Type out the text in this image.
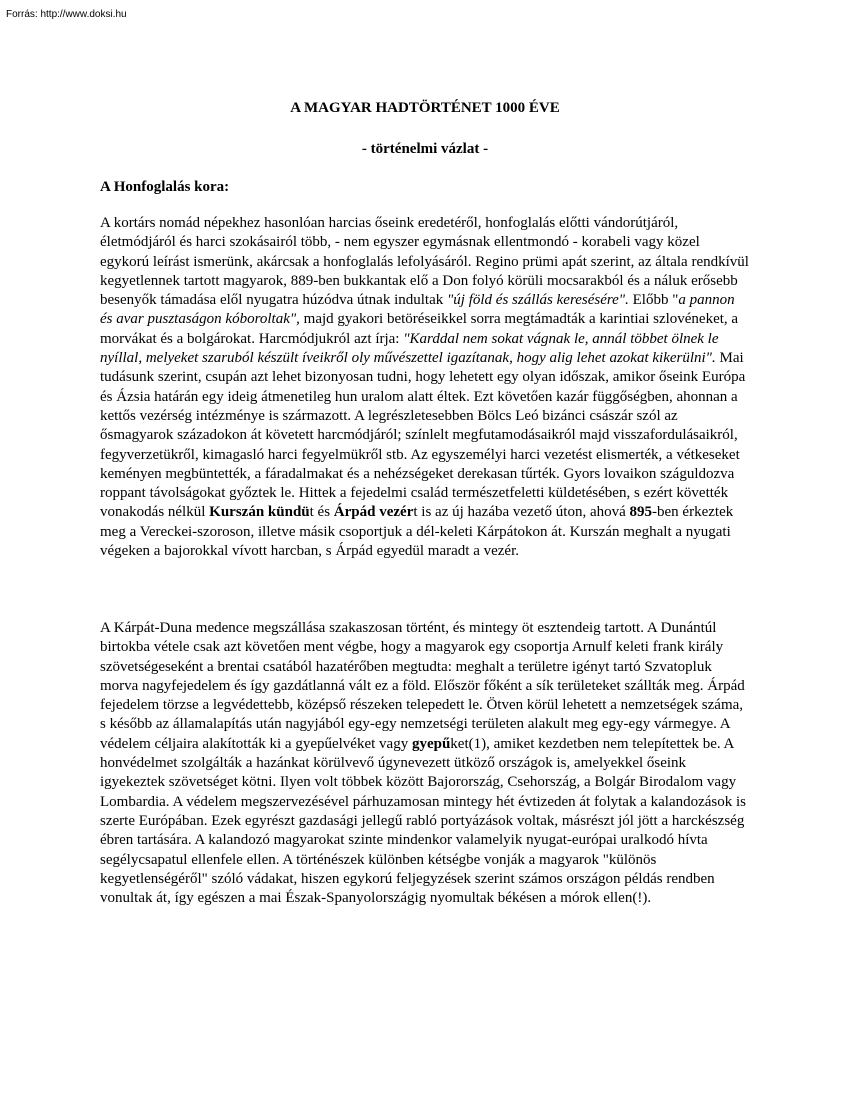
Forrás: http://www.doksi.hu
A MAGYAR HADTÖRTÉNET 1000 ÉVE
- történelmi vázlat -
A Honfoglalás kora:

A kortárs nomád népekhez hasonlóan harcias őseink eredetéről, honfoglalás előtti vándorútjáról, életmódjáról és harci szokásairól több, - nem egyszer egymásnak ellentmondó - korabeli vagy közel egykorú leírást ismerünk, akárcsak a honfoglalás lefolyásáról. Regino prümi apát szerint, az általa rendkívül kegyetlennek tartott magyarok, 889-ben bukkantak elő a Don folyó körüli mocsarakból és a náluk erősebb besenyők támadása elől nyugatra húzódva útnak indultak "új föld és szállás keresésére". Előbb "a pannon és avar pusztaságon kóboroltak", majd gyakori betöréseikkel sorra megtámadták a karintiai szlovéneket, a morvákat és a bolgárokat. Harcmódjukról azt írja: "Karddal nem sokat vágnak le, annál többet ölnek le nyíllal, melyeket szaruból készült íveikről oly művészettel igazítanak, hogy alig lehet azokat kikerülni". Mai tudásunk szerint, csupán azt lehet bizonyosan tudni, hogy lehetett egy olyan időszak, amikor őseink Európa és Ázsia határán egy ideig átmenetileg hun uralom alatt éltek. Ezt követően kazár függőségben, ahonnan a kettős vezérség intézménye is származott. A legrészletesebben Bölcs Leó bizánci császár szól az ősmagyarok századokon át követett harcmódjáról; színlelt megfutamodásaikról majd visszafordulásaikról, fegyverzetükről, kimagasló harci fegyelmükről stb. Az egyszemélyi harci vezetést elismerték, a vétkeseket keményen megbüntették, a fáradalmakat és a nehézségeket derekasan tűrték. Gyors lovaikon száguldozva roppant távolságokat győztek le. Hittek a fejedelmi család természetfeletti küldetésében, s ezért követték vonakodás nélkül Kurszán kündüt és Árpád vezért is az új hazába vezető úton, ahová 895-ben érkeztek meg a Vereckei-szoroson, illetve másik csoportjuk a dél-keleti Kárpátokon át. Kurszán meghalt a nyugati végeken a bajorokkal vívott harcban, s Árpád egyedül maradt a vezér.

A Kárpát-Duna medence megszállása szakaszosan történt, és mintegy öt esztendeig tartott. A Dunántúl birtokba vétele csak azt követően ment végbe, hogy a magyarok egy csoportja Arnulf keleti frank király szövetségeseként a brentai csatából hazatérőben megtudta: meghalt a területre igényt tartó Szvatopluk morva nagyfejedelem és így gazdátlanná vált ez a föld. Először főként a sík területeket szállták meg. Árpád fejedelem törzse a legvédettebb, középső részeken telepedett le. Ötven körül lehetett a nemzetségek száma, s később az államalapítás után nagyjából egy-egy nemzetségi területen alakult meg egy-egy vármegye. A védelem céljaira alakították ki a gyepűelvéket vagy gyepűket(1), amiket kezdetben nem telepítettek be. A honvédelmet szolgálták a hazánkat körülvevő úgynevezett ütköző országok is, amelyekkel őseink igyekeztek szövetséget kötni. Ilyen volt többek között Bajorország, Csehország, a Bolgár Birodalom vagy Lombardia. A védelem megszervezésével párhuzamosan mintegy hét évtizeden át folytak a kalandozások is szerte Európában. Ezek egyrészt gazdasági jellegű rabló portyázások voltak, másrészt jól jött a harckészség ébren tartására. A kalandozó magyarokat szinte mindenkor valamelyik nyugat-európai uralkodó hívta segélycsapatul ellenfele ellen. A történészek különben kétségbe vonják a magyarok "különös kegyetlenségéről" szóló vádakat, hiszen egykorú feljegyzések szerint számos országon példás rendben vonultak át, így egészen a mai Észak-Spanyolországig nyomultak békésen a mórok ellen(!).
